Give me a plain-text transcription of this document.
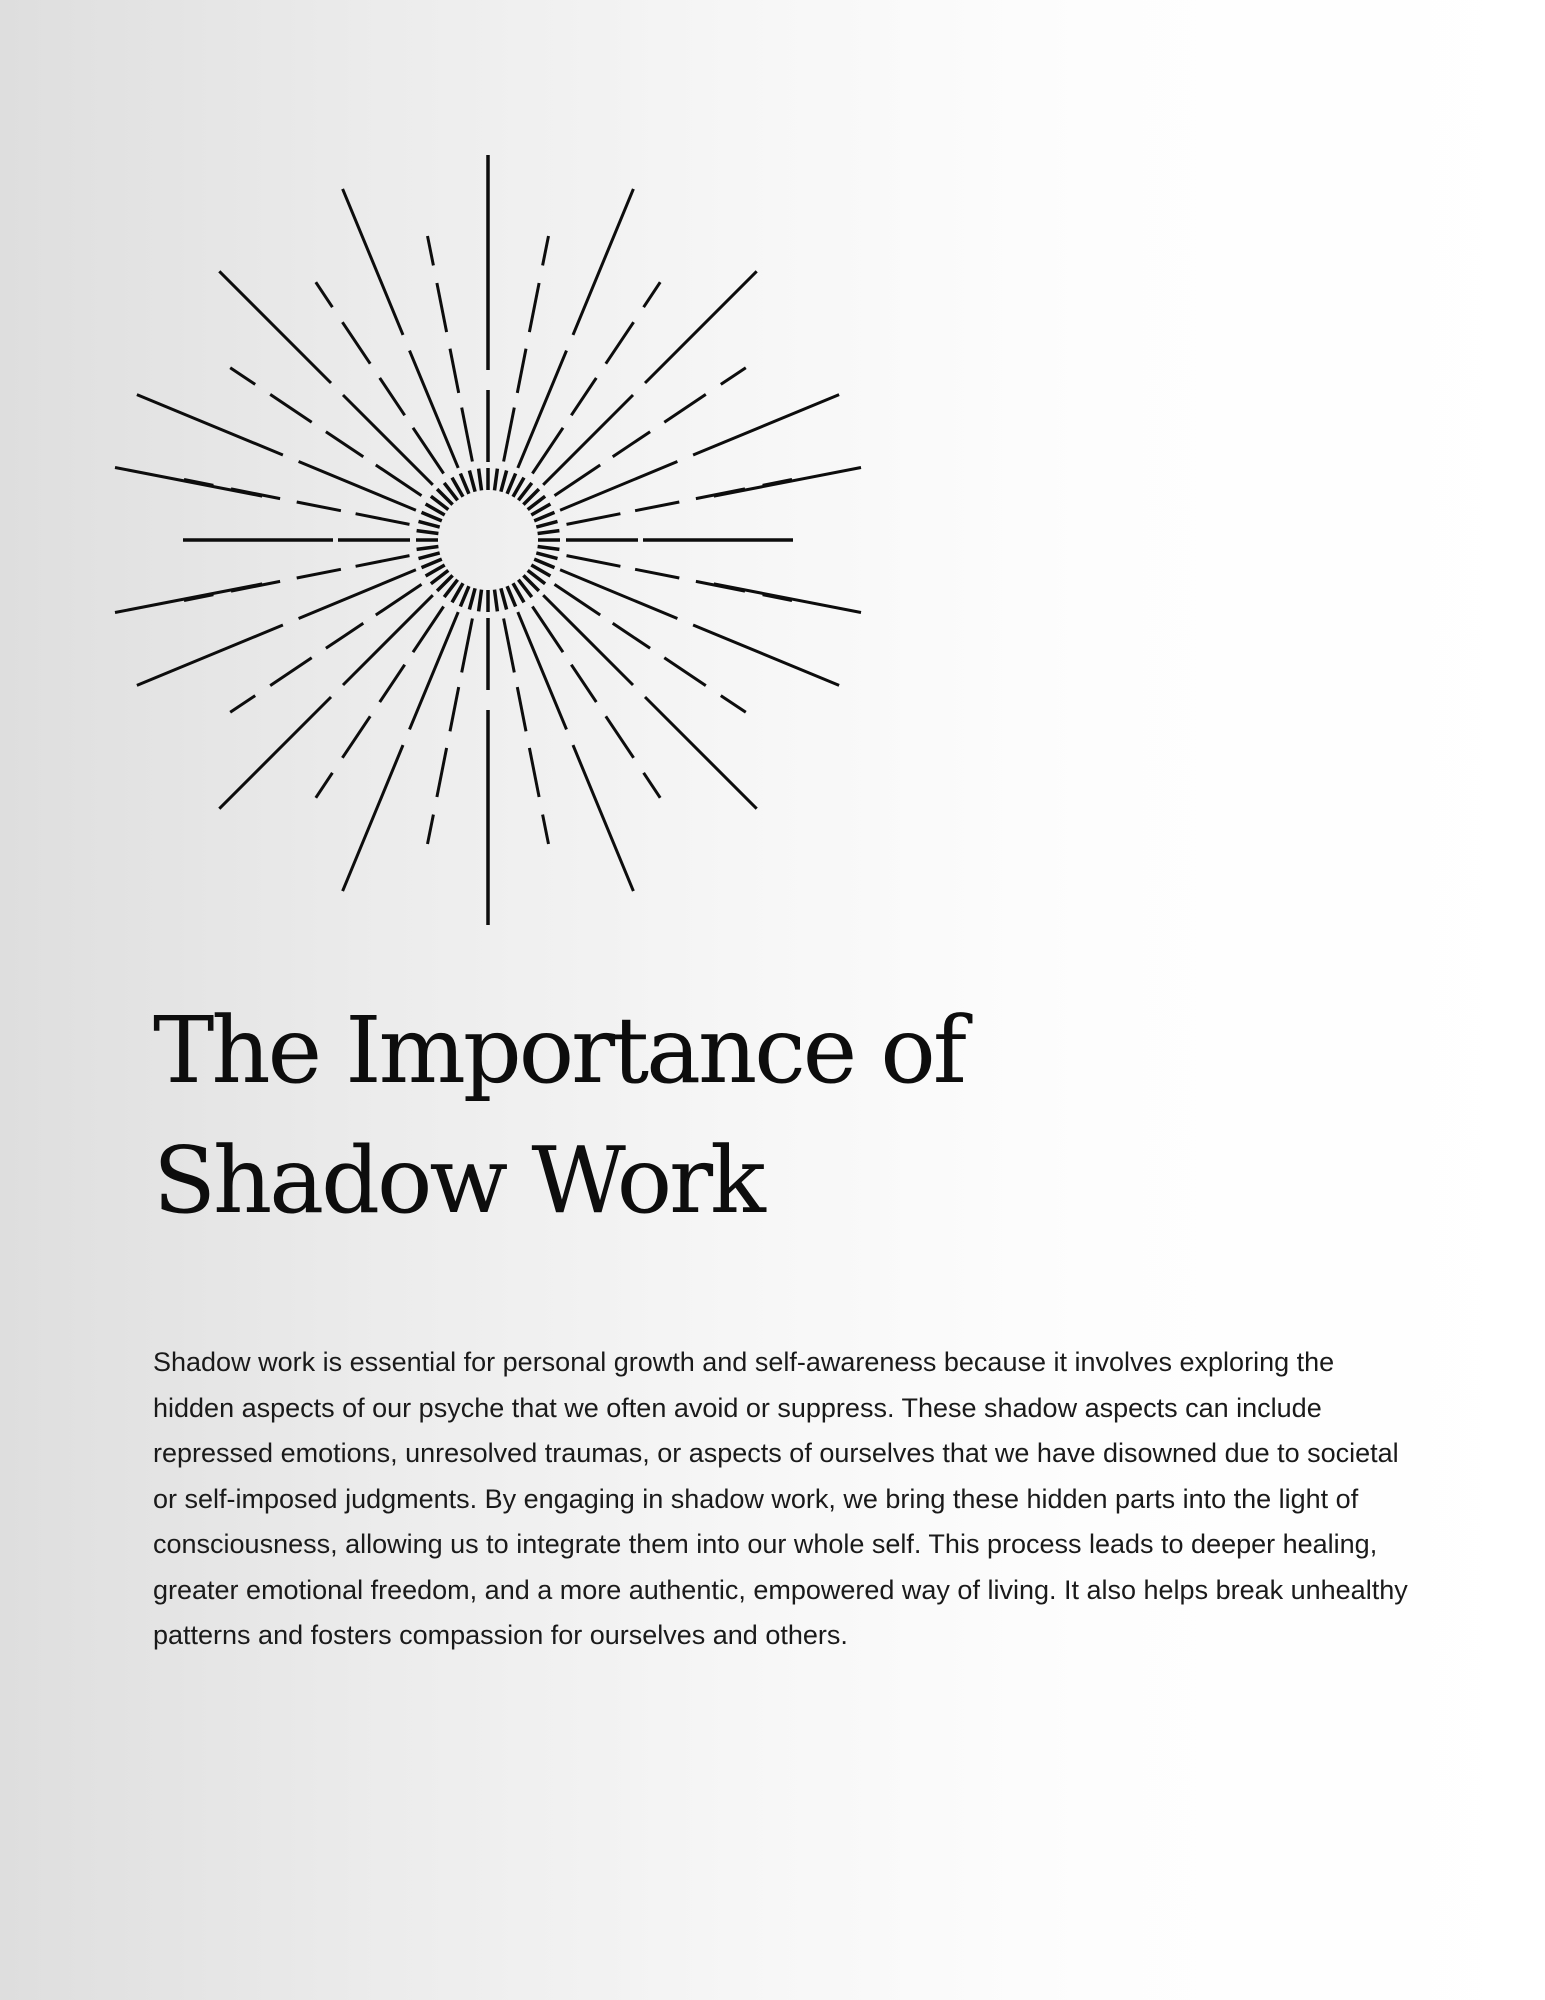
The Importance of
Shadow Work

Shadow work is essential for personal growth and self-awareness because it involves exploring the hidden aspects of our psyche that we often avoid or suppress. These shadow aspects can include repressed emotions, unresolved traumas, or aspects of ourselves that we have disowned due to societal or self-imposed judgments. By engaging in shadow work, we bring these hidden parts into the light of consciousness, allowing us to integrate them into our whole self. This process leads to deeper healing, greater emotional freedom, and a more authentic, empowered way of living. It also helps break unhealthy patterns and fosters compassion for ourselves and others.
